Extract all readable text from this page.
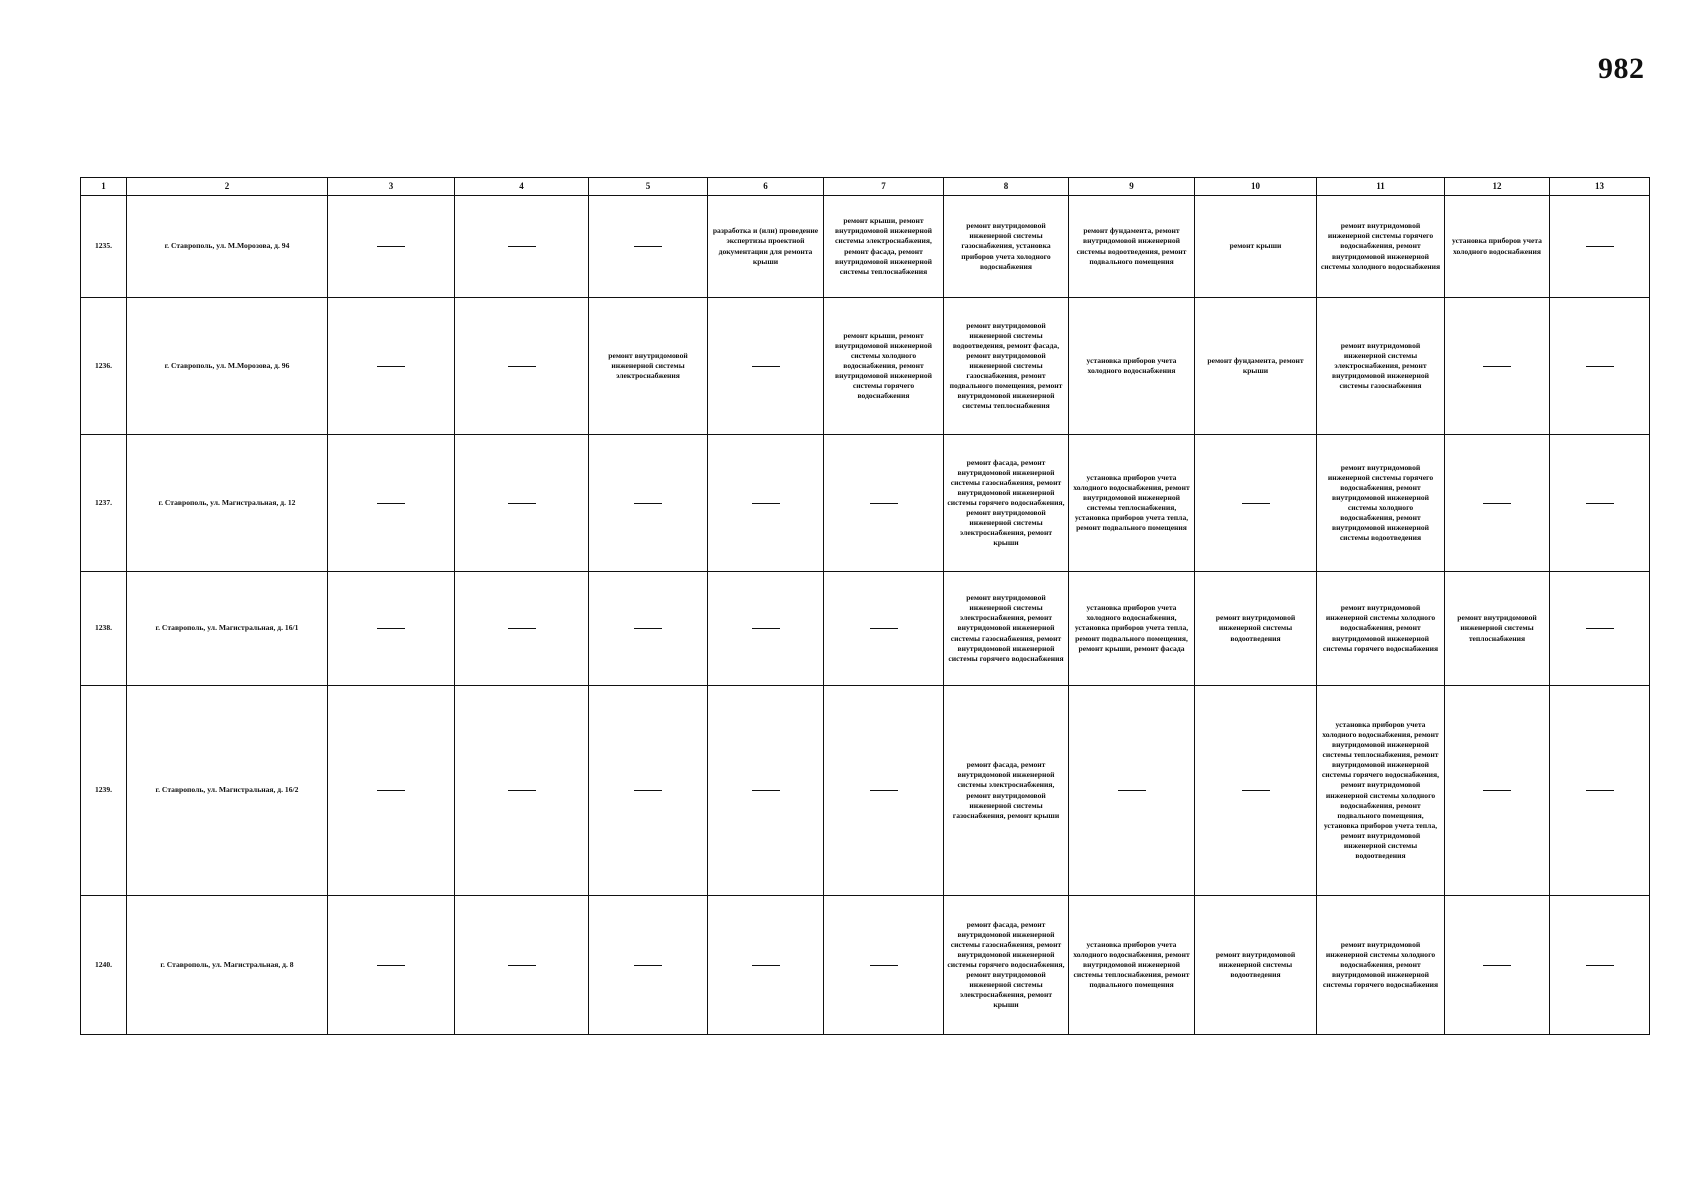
982
1	2	3	4	5	6	7	8	9	10	11	12	13
1235.	г. Ставрополь, ул. М.Морозова, д. 94				разработка и (или) проведение экспертизы проектной документации для ремонта крыши	ремонт крыши, ремонт внутридомовой инженерной системы электроснабжения, ремонт фасада, ремонт внутридомовой инженерной системы теплоснабжения	ремонт внутридомовой инженерной системы газоснабжения, установка приборов учета холодного водоснабжения	ремонт фундамента, ремонт внутридомовой инженерной системы водоотведения, ремонт подвального помещения	ремонт крыши	ремонт внутридомовой инженерной системы горячего водоснабжения, ремонт внутридомовой инженерной системы холодного водоснабжения	установка приборов учета холодного водоснабжения	
1236.	г. Ставрополь, ул. М.Морозова, д. 96			ремонт внутридомовой инженерной системы электроснабжения		ремонт крыши, ремонт внутридомовой инженерной системы холодного водоснабжения, ремонт внутридомовой инженерной системы горячего водоснабжения	ремонт внутридомовой инженерной системы водоотведения, ремонт фасада, ремонт внутридомовой инженерной системы газоснабжения, ремонт подвального помещения, ремонт внутридомовой инженерной системы теплоснабжения	установка приборов учета холодного водоснабжения	ремонт фундамента, ремонт крыши	ремонт внутридомовой инженерной системы электроснабжения, ремонт внутридомовой инженерной системы газоснабжения		
1237.	г. Ставрополь, ул. Магистральная, д. 12						ремонт фасада, ремонт внутридомовой инженерной системы газоснабжения, ремонт внутридомовой инженерной системы горячего водоснабжения, ремонт внутридомовой инженерной системы электроснабжения, ремонт крыши	установка приборов учета холодного водоснабжения, ремонт внутридомовой инженерной системы теплоснабжения, установка приборов учета тепла, ремонт подвального помещения		ремонт внутридомовой инженерной системы горячего водоснабжения, ремонт внутридомовой инженерной системы холодного водоснабжения, ремонт внутридомовой инженерной системы водоотведения		
1238.	г. Ставрополь, ул. Магистральная, д. 16/1						ремонт внутридомовой инженерной системы электроснабжения, ремонт внутридомовой инженерной системы газоснабжения, ремонт внутридомовой инженерной системы горячего водоснабжения	установка приборов учета холодного водоснабжения, установка приборов учета тепла, ремонт подвального помещения, ремонт крыши, ремонт фасада	ремонт внутридомовой инженерной системы водоотведения	ремонт внутридомовой инженерной системы холодного водоснабжения, ремонт внутридомовой инженерной системы горячего водоснабжения	ремонт внутридомовой инженерной системы теплоснабжения	
1239.	г. Ставрополь, ул. Магистральная, д. 16/2						ремонт фасада, ремонт внутридомовой инженерной системы электроснабжения, ремонт внутридомовой инженерной системы газоснабжения, ремонт крыши			установка приборов учета холодного водоснабжения, ремонт внутридомовой инженерной системы теплоснабжения, ремонт внутридомовой инженерной системы горячего водоснабжения, ремонт внутридомовой инженерной системы холодного водоснабжения, ремонт подвального помещения, установка приборов учета тепла, ремонт внутридомовой инженерной системы водоотведения		
1240.	г. Ставрополь, ул. Магистральная, д. 8						ремонт фасада, ремонт внутридомовой инженерной системы газоснабжения, ремонт внутридомовой инженерной системы горячего водоснабжения, ремонт внутридомовой инженерной системы электроснабжения, ремонт крыши	установка приборов учета холодного водоснабжения, ремонт внутридомовой инженерной системы теплоснабжения, ремонт подвального помещения	ремонт внутридомовой инженерной системы водоотведения	ремонт внутридомовой инженерной системы холодного водоснабжения, ремонт внутридомовой инженерной системы горячего водоснабжения		
